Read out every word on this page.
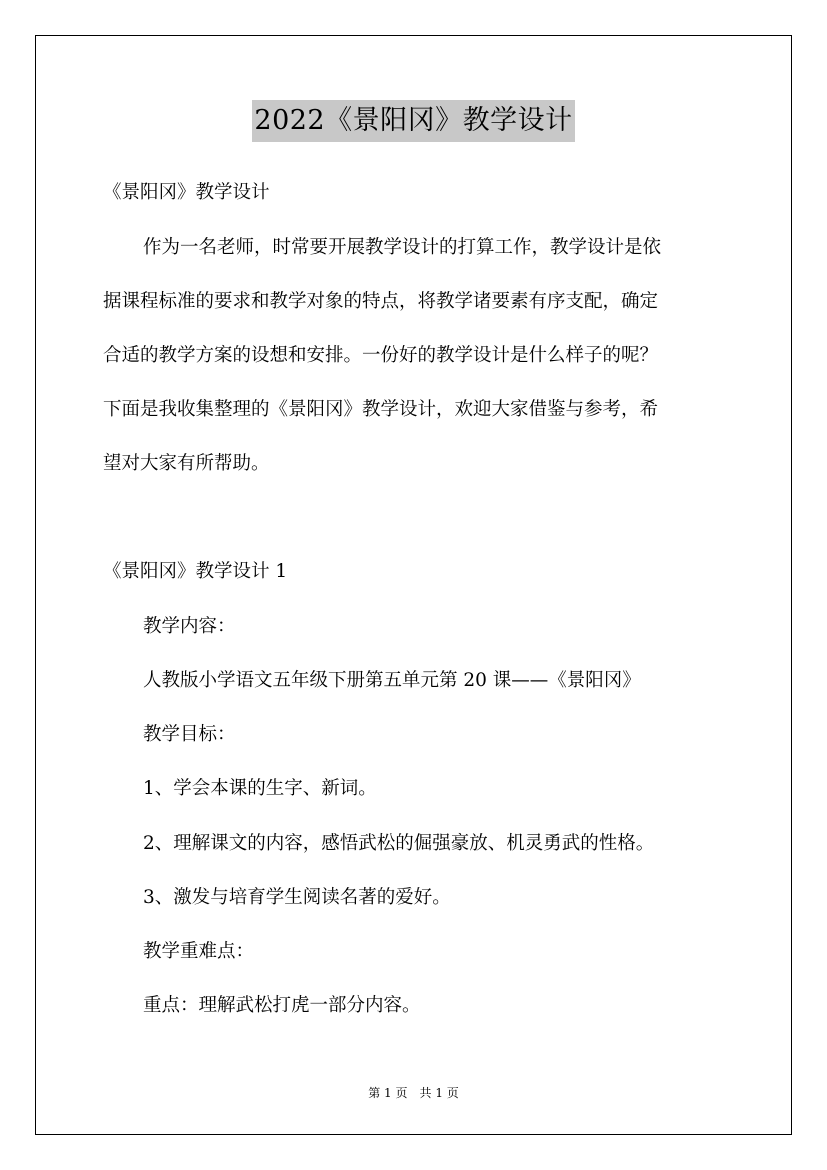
2022《景阳冈》教学设计
《景阳冈》教学设计
作为一名老师，时常要开展教学设计的打算工作，教学设计是依
据课程标准的要求和教学对象的特点，将教学诸要素有序支配，确定
合适的教学方案的设想和安排。一份好的教学设计是什么样子的呢？
下面是我收集整理的《景阳冈》教学设计，欢迎大家借鉴与参考，希
望对大家有所帮助。
《景阳冈》教学设计 1
教学内容：
人教版小学语文五年级下册第五单元第 20 课——《景阳冈》
教学目标：
1、学会本课的生字、新词。
2、理解课文的内容，感悟武松的倔强豪放、机灵勇武的性格。
3、激发与培育学生阅读名著的爱好。
教学重难点：
重点：理解武松打虎一部分内容。
第 1 页　共 1 页
